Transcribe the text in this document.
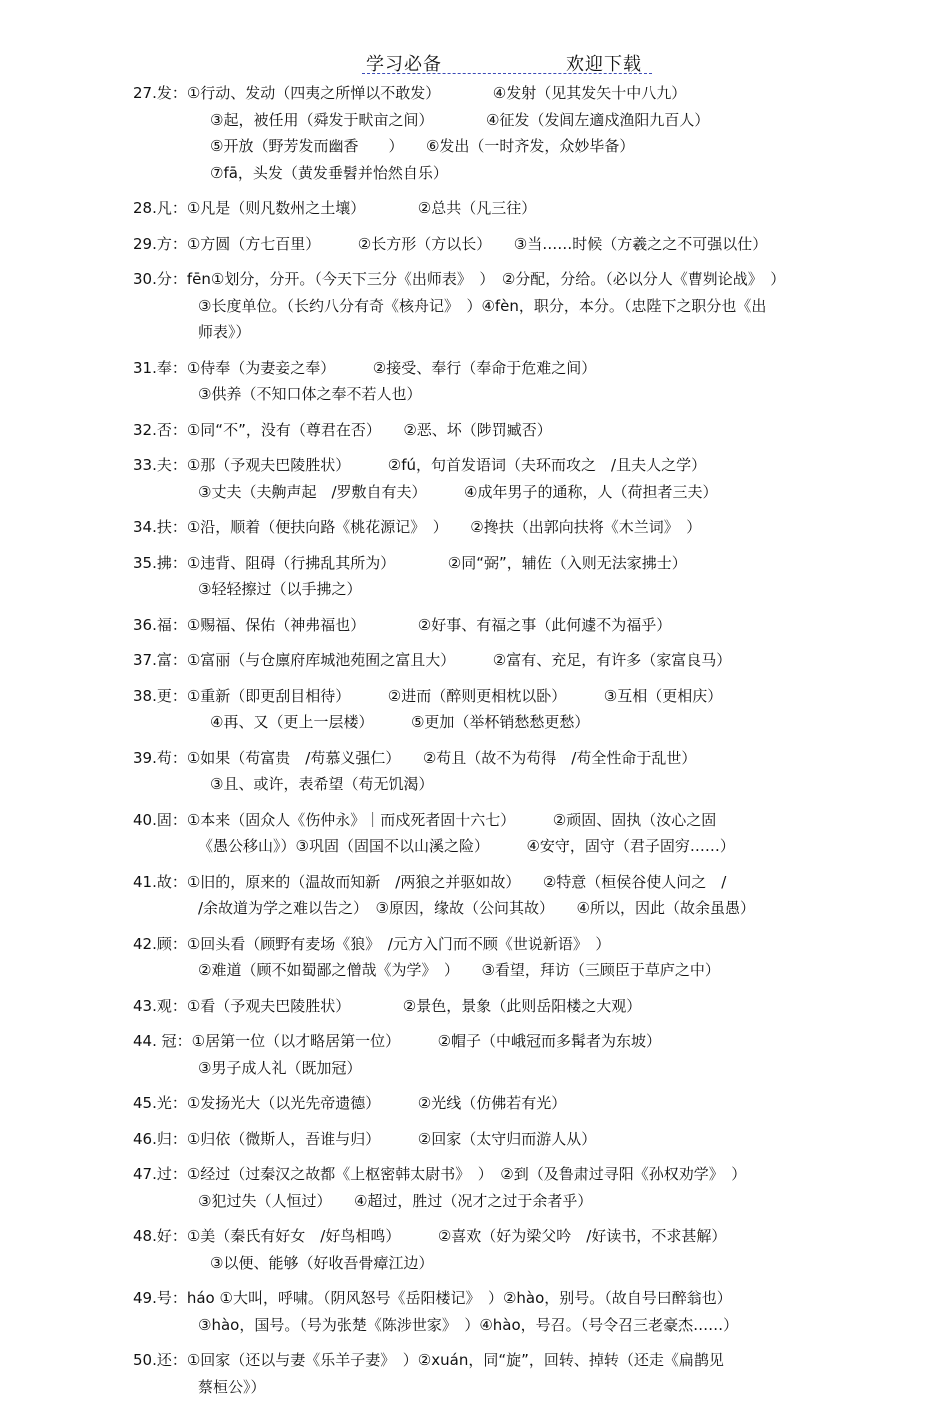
学习必备	欢迎下载
27.发：①行动、发动（四夷之所惮以不敢发）　　　　④发射（见其发矢十中八九）
③起，被任用（舜发于畎亩之间）　　　　④征发（发闾左適戍渔阳九百人）
⑤开放（野芳发而幽香　　）　　⑥发出（一时齐发，众妙毕备）
⑦fā，头发（黄发垂髫并怡然自乐）
28.凡：①凡是（则凡数州之土壤）　　　　②总共（凡三往）
29.方：①方圆（方七百里）　　　②长方形（方以长）　　③当……时候（方羲之之不可强以仕）
30.分：fēn①划分，分开。（今天下三分《出师表》　）　②分配，分给。（必以分人《曹刿论战》　）
③长度单位。（长约八分有奇《核舟记》　）④fèn，职分，本分。（忠陛下之职分也《出
师表》）
31.奉：①侍奉（为妻妾之奉）　　　②接受、奉行（奉命于危难之间）
③供养（不知口体之奉不若人也）
32.否：①同“不”，没有（尊君在否）　　②恶、坏（陟罚臧否）
33.夫：①那（予观夫巴陵胜状）　　　②fú，句首发语词（夫环而攻之　/且夫人之学）
③丈夫（夫齁声起　/罗敷自有夫）　　　④成年男子的通称，人（荷担者三夫）
34.扶：①沿，顺着（便扶向路《桃花源记》　）　　②搀扶（出郭向扶将《木兰词》　）
35.拂：①违背、阻碍（行拂乱其所为）　　　　②同“弼”，辅佐（入则无法家拂士）
③轻轻擦过（以手拂之）
36.福：①赐福、保佑（神弗福也）　　　　②好事、有福之事（此何遽不为福乎）
37.富：①富丽（与仓廪府库城池苑囿之富且大）　　　②富有、充足，有许多（家富良马）
38.更：①重新（即更刮目相待）　　　②进而（醉则更相枕以卧）　　　③互相（更相庆）
④再、又（更上一层楼）　　　⑤更加（举杯销愁愁更愁）
39.苟：①如果（苟富贵　/苟慕义强仁）　　②苟且（故不为苟得　/苟全性命于乱世）
③且、或许，表希望（苟无饥渴）
40.固：①本来（固众人《伤仲永》｜而戍死者固十六七）　　　②顽固、固执（汝心之固
《愚公移山》）③巩固（固国不以山溪之险）　　　④安守，固守（君子固穷……）
41.故：①旧的，原来的（温故而知新　/两狼之并驱如故）　　②特意（桓侯谷使人问之　/
/余故道为学之难以告之）　③原因，缘故（公问其故）　　④所以，因此（故余虽愚）
42.顾：①回头看（顾野有麦场《狼》　/元方入门而不顾《世说新语》　）
②难道（顾不如蜀鄙之僧哉《为学》　）　　③看望，拜访（三顾臣于草庐之中）
43.观：①看（予观夫巴陵胜状）　　　　②景色，景象（此则岳阳楼之大观）
44. 冠：①居第一位（以才略居第一位）　　　②帽子（中峨冠而多髯者为东坡）
③男子成人礼（既加冠）
45.光：①发扬光大（以光先帝遗德）　　　②光线（仿佛若有光）
46.归：①归依（微斯人，吾谁与归）　　　②回家（太守归而游人从）
47.过：①经过（过秦汉之故都《上枢密韩太尉书》　）　②到（及鲁肃过寻阳《孙权劝学》　）
③犯过失（人恒过）　　④超过，胜过（况才之过于余者乎）
48.好：①美（秦氏有好女　/好鸟相鸣）　　　②喜欢（好为梁父吟　/好读书，不求甚解）
③以便、能够（好收吾骨瘴江边）
49.号：háo ①大叫，呼啸。（阴风怒号《岳阳楼记》　）②hào，别号。（故自号曰醉翁也）
③hào，国号。（号为张楚《陈涉世家》　）④hào，号召。（号令召三老豪杰……）
50.还：①回家（还以与妻《乐羊子妻》　）②xuán，同“旋”，回转、掉转（还走《扁鹊见
蔡桓公》）
